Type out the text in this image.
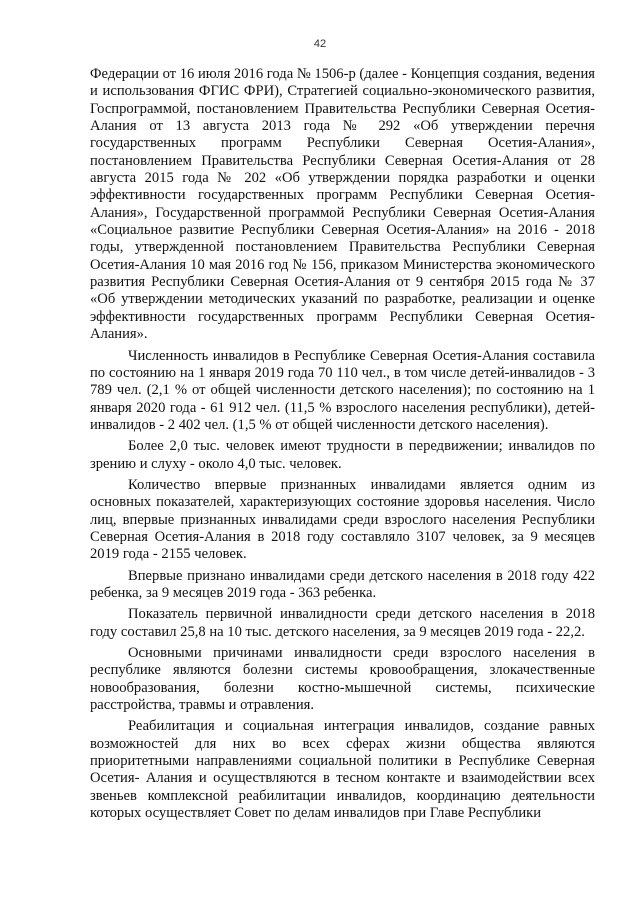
42

Федерации от 16 июля 2016 года № 1506-р (далее - Концепция создания, ведения и использования ФГИС ФРИ), Стратегией социально-экономического развития, Госпрограммой, постановлением Правительства Республики Северная Осетия-Алания от 13 августа 2013 года № 292 «Об утверждении перечня государственных программ Республики Северная Осетия-Алания», постановлением Правительства Республики Северная Осетия-Алания от 28 августа 2015 года № 202 «Об утверждении порядка разработки и оценки эффективности государственных программ Республики Северная Осетия-Алания», Государственной программой Республики Северная Осетия-Алания «Социальное развитие Республики Северная Осетия-Алания» на 2016 - 2018 годы, утвержденной постановлением Правительства Республики Северная Осетия-Алания 10 мая 2016 год № 156, приказом Министерства экономического развития Республики Северная Осетия-Алания от 9 сентября 2015 года № 37 «Об утверждении методических указаний по разработке, реализации и оценке эффективности государственных программ Республики Северная Осетия-Алания».

Численность инвалидов в Республике Северная Осетия-Алания составила по состоянию на 1 января 2019 года 70 110 чел., в том числе детей-инвалидов - 3 789 чел. (2,1 % от общей численности детского населения); по состоянию на 1 января 2020 года - 61 912 чел. (11,5 % взрослого населения республики), детей-инвалидов - 2 402 чел. (1,5 % от общей численности детского населения).

Более 2,0 тыс. человек имеют трудности в передвижении; инвалидов по зрению и слуху - около 4,0 тыс. человек.

Количество впервые признанных инвалидами является одним из основных показателей, характеризующих состояние здоровья населения. Число лиц, впервые признанных инвалидами среди взрослого населения Республики Северная Осетия-Алания в 2018 году составляло 3107 человек, за 9 месяцев 2019 года - 2155 человек.

Впервые признано инвалидами среди детского населения в 2018 году 422 ребенка, за 9 месяцев 2019 года - 363 ребенка.

Показатель первичной инвалидности среди детского населения в 2018 году составил 25,8 на 10 тыс. детского населения, за 9 месяцев 2019 года - 22,2.

Основными причинами инвалидности среди взрослого населения в республике являются болезни системы кровообращения, злокачественные новообразования, болезни костно-мышечной системы, психические расстройства, травмы и отравления.

Реабилитация и социальная интеграция инвалидов, создание равных возможностей для них во всех сферах жизни общества являются приоритетными направлениями социальной политики в Республике Северная Осетия- Алания и осуществляются в тесном контакте и взаимодействии всех звеньев комплексной реабилитации инвалидов, координацию деятельности которых осуществляет Совет по делам инвалидов при Главе Республики
